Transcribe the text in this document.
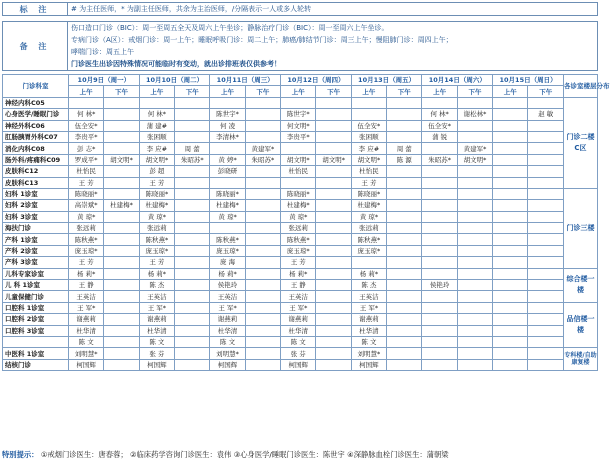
标 注	# 为主任医师，* 为副主任医师，共余为主治医师，/分隔表示一人或多人轮转

备 注	伤口造口门诊（BIC）：周一至周五全天及周六上午坐诊；静脉治疗门诊（BIC）：周一至周六上午坐诊。
专病门诊（A区）：戒烟门诊：周一上午；睡眠呼吸门诊：周二上午；肺癌/肺结节门诊：周三上午；慢阻肺门诊：周四上午；
哮喘门诊：周五上午
门诊医生出诊因特殊情况可能临时有变动，就出诊排班表仅供参考！
门诊科室	10月9日（周一）		10月10日（周二）		10月11日（周三）		10月12日（周四）		10月13日（周五）		10月14日（周六）		10月15日（周日）		各诊室楼层分布
	上午	下午	上午	下午	上午	下午	上午	下午	上午	下午	上午	下午	上午	下午	
神经内科C05															门诊二楼C区
心身医学/睡眠门诊	何 林*		何 林*		陈世宇*		陈世宇*				何 林*	谢松林*		赵 敏	
神经外科C06	伍全安*		蒲 建#		何 凌		何文明*		伍全安*		伍全安*				
肛肠胰胃外科C07	李贵平*		张困顺		李清林*		李贵平*		张困顺		蒲 锐				
消化内科C08	彭 志*		李 应#	周 蕾		黄建军*			李 应#	周 蕾		黄建军*			
肠外科/疼痛科C09	罗成平*	胡文明*	胡文明*	朱昭苏*	黄 婷*	朱昭苏*	胡文明*	胡文明*	胡文明*	陈 源	朱昭苏*	胡文明*			
皮肤科C12	杜怡民		彭 超		彭晓研		杜怡民		杜怡民						
皮肤科C13	王 芳		王 芳						王 芳						
妇科 1诊室	陈晓丽*		陈晓丽*		陈晓丽*		陈晓丽*		陈晓丽*						门诊三楼
妇科 2诊室	高崇斌*	杜建梅*	杜建梅*		杜建梅*		杜建梅*		杜建梅*						
妇科 3诊室	黄 琼*		黄 琼*		黄 琼*		黄 琼*		黄 琼*						
海扶门诊	张远莉		张远莉				张远莉		张远莉						
产科 1诊室	陈秋燕*		陈秋燕*		陈秋燕*		陈秋燕*		陈秋燕*						
产科 2诊室	庞玉琼*		庞玉琼*		庞玉琼*		庞玉琼*		庞玉琼*						
产科 3诊室	王 芳		王 芳		庞 海		王 芳								
儿科专家诊室	杨 莉*		杨 莉*		杨 莉*		杨 莉*		杨 莉*						综合楼一楼
儿 科 1诊室	王 静		陈 杰		侯艳玲		王 静		陈 杰		侯艳玲				
儿童保健门诊	王英洁		王英洁		王英洁		王英洁		王英洁						
口腔科 1诊室	王 军*		王 军*		王 军*		王 军*		王 军*						品信楼一楼
口腔科 2诊室	谢燕莉		谢燕莉		谢燕莉		谢燕莉		谢燕莉						
口腔科 3诊室	杜华清		杜华清		杜华清		杜华清		杜华清						
	陈 文		陈 文		陈 文		陈 文		陈 文						
中医科 1诊室	刘明慧*		张 芬		刘明慧*		张 芬		刘明慧*						专科楼/自助康复楼
结核门诊	柯国辉		柯国辉		柯国辉		柯国辉		柯国辉						
特别提示： ①戒烟门诊医生：唐春蓉； ②临床药学咨询门诊医生：袁伟 ③心身医学/睡眠门诊医生：陈世宇 ④深静脉血栓门诊医生：蒲朝梁
